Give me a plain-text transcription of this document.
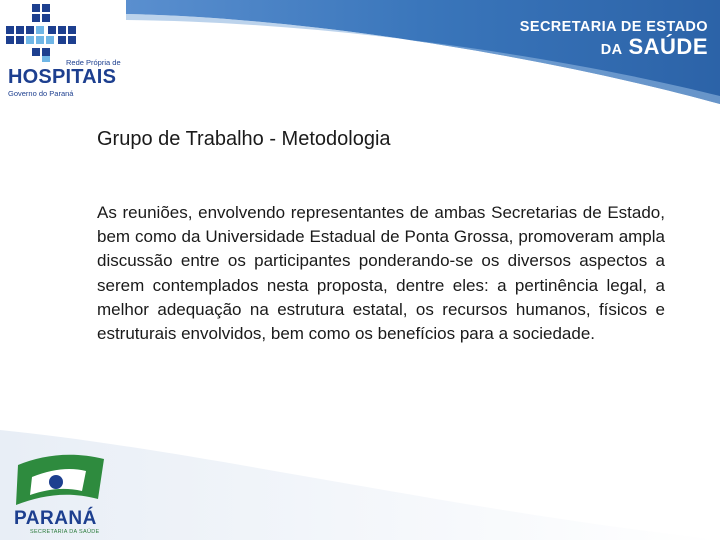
Rede Própria de
HOSPITAIS
Governo do Paraná
SECRETARIA DE ESTADO
DA SAÚDE
Grupo de Trabalho - Metodologia
As reuniões, envolvendo representantes de ambas Secretarias de Estado, bem como da Universidade Estadual de Ponta Grossa, promoveram ampla discussão entre os participantes ponderando-se os diversos aspectos a serem contemplados nesta proposta, dentre eles: a pertinência legal, a melhor adequação na estrutura estatal, os recursos humanos, físicos e estruturais envolvidos, bem como os benefícios para a sociedade.
PARANÁ
SECRETARIA DA SAÚDE
